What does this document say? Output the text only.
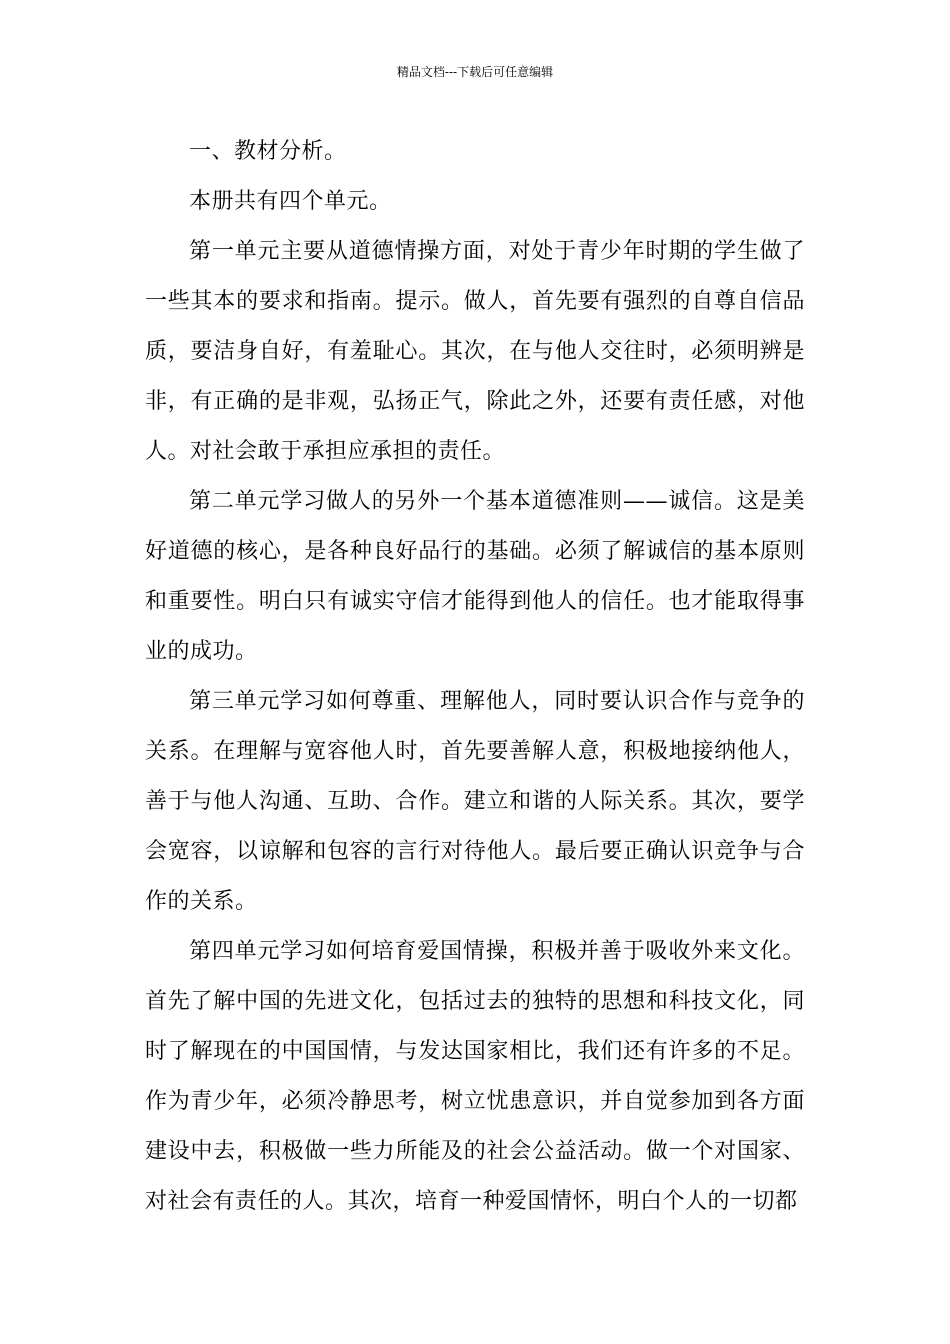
精品文档---下载后可任意编辑

一、教材分析。

本册共有四个单元。

第一单元主要从道德情操方面，对处于青少年时期的学生做了一些其本的要求和指南。提示。做人，首先要有强烈的自尊自信品质，要洁身自好，有羞耻心。其次，在与他人交往时，必须明辨是非，有正确的是非观，弘扬正气，除此之外，还要有责任感，对他人。对社会敢于承担应承担的责任。

第二单元学习做人的另外一个基本道德准则——诚信。这是美好道德的核心，是各种良好品行的基础。必须了解诚信的基本原则和重要性。明白只有诚实守信才能得到他人的信任。也才能取得事业的成功。

第三单元学习如何尊重、理解他人，同时要认识合作与竞争的关系。在理解与宽容他人时，首先要善解人意，积极地接纳他人，善于与他人沟通、互助、合作。建立和谐的人际关系。其次，要学会宽容，以谅解和包容的言行对待他人。最后要正确认识竞争与合作的关系。

第四单元学习如何培育爱国情操，积极并善于吸收外来文化。首先了解中国的先进文化，包括过去的独特的思想和科技文化，同时了解现在的中国国情，与发达国家相比，我们还有许多的不足。作为青少年，必须冷静思考，树立忧患意识，并自觉参加到各方面建设中去，积极做一些力所能及的社会公益活动。做一个对国家、对社会有责任的人。其次，培育一种爱国情怀，明白个人的一切都
